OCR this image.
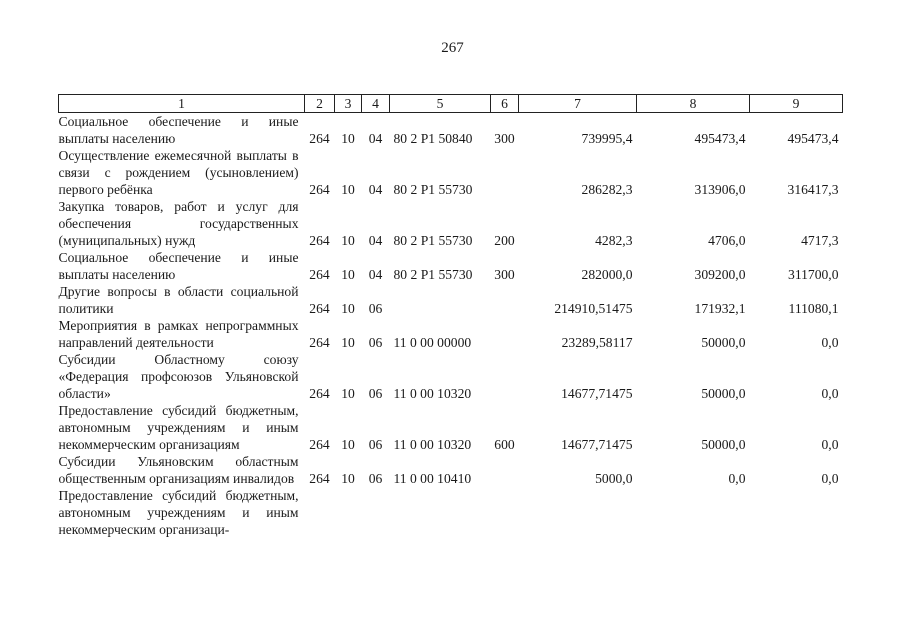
267
1	2	3	4	5	6	7	8	9
Социальное обеспечение и иные выплаты населению	264	10	04	80 2 P1 50840	300	739995,4	495473,4	495473,4
Осуществление ежемесячной выплаты в связи с рождением (усыновлением) первого ребёнка	264	10	04	80 2 P1 55730		286282,3	313906,0	316417,3
Закупка товаров, работ и услуг для обеспечения государственных (муниципальных) нужд	264	10	04	80 2 P1 55730	200	4282,3	4706,0	4717,3
Социальное обеспечение и иные выплаты населению	264	10	04	80 2 P1 55730	300	282000,0	309200,0	311700,0
Другие вопросы в области социальной политики	264	10	06			214910,51475	171932,1	111080,1
Мероприятия в рамках непрограммных направлений деятельности	264	10	06	11 0 00 00000		23289,58117	50000,0	0,0
Субсидии Областному союзу «Федерация профсоюзов Ульяновской области»	264	10	06	11 0 00 10320		14677,71475	50000,0	0,0
Предоставление субсидий бюджетным, автономным учреждениям и иным некоммерческим организациям	264	10	06	11 0 00 10320	600	14677,71475	50000,0	0,0
Субсидии Ульяновским областным общественным организациям инвалидов	264	10	06	11 0 00 10410		5000,0	0,0	0,0
Предоставление субсидий бюджетным, автономным учреждениям и иным некоммерческим организаци-								
